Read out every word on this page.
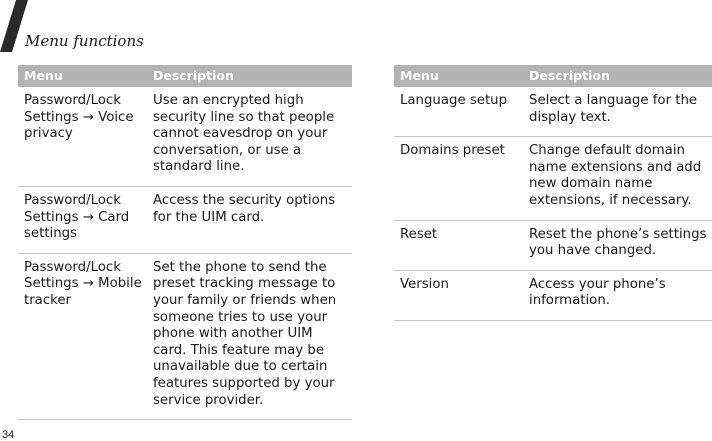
Menu functions
Menu	Description
Password/Lock Settings → Voice privacy	Use an encrypted high security line so that people cannot eavesdrop on your conversation, or use a standard line.
Password/Lock Settings → Card settings	Access the security options for the UIM card.
Password/Lock Settings → Mobile tracker	Set the phone to send the preset tracking message to your family or friends when someone tries to use your phone with another UIM card. This feature may be unavailable due to certain features supported by your service provider.
Menu	Description
Language setup	Select a language for the display text.
Domains preset	Change default domain name extensions and add new domain name extensions, if necessary.
Reset	Reset the phone’s settings you have changed.
Version	Access your phone’s information.
34
